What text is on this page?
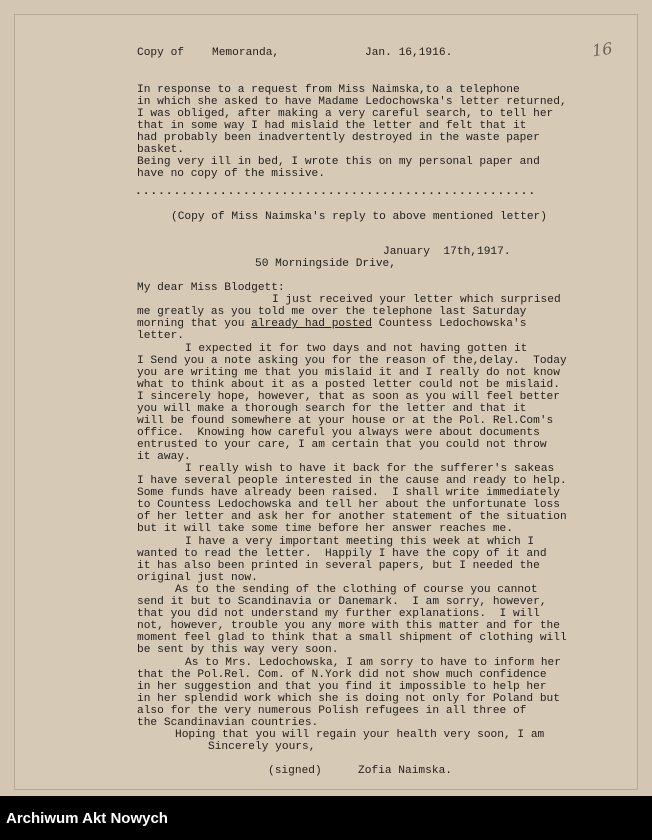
16
Copy of	Memoranda,	Jan. 16,1916.
In response to a request from Miss Naimska,to a telephone
in which she asked to have Madame Ledochowska's letter returned,
I was obliged, after making a very careful search, to tell her
that in some way I had mislaid the letter and felt that it
had probably been inadvertently destroyed in the waste paper
basket.
Being very ill in bed, I wrote this on my personal paper and
have no copy of the missive.
....................................................
(Copy of Miss Naimska's reply to above mentioned letter)
January  17th,1917.
50 Morningside Drive,
My dear Miss Blodgett:
I just received your letter which surprised
me greatly as you told me over the telephone last Saturday
morning that you already had posted Countess Ledochowska's
letter.
I expected it for two days and not having gotten it
I Send you a note asking you for the reason of the,delay.  Today
you are writing me that you mislaid it and I really do not know
what to think about it as a posted letter could not be mislaid.
I sincerely hope, however, that as soon as you will feel better
you will make a thorough search for the letter and that it
will be found somewhere at your house or at the Pol. Rel.Com's
office.  Knowing how careful you always were about documents
entrusted to your care, I am certain that you could not throw
it away.
I really wish to have it back for the sufferer's sakeas
I have several people interested in the cause and ready to help.
Some funds have already been raised.  I shall write immediately
to Countess Ledochowska and tell her about the unfortunate loss
of her letter and ask her for another statement of the situation
but it will take some time before her answer reaches me.
I have a very important meeting this week at which I
wanted to read the letter.  Happily I have the copy of it and
it has also been printed in several papers, but I needed the
original just now.
As to the sending of the clothing of course you cannot
send it but to Scandinavia or Danemark.  I am sorry, however,
that you did not understand my further explanations.  I will
not, however, trouble you any more with this matter and for the
moment feel glad to think that a small shipment of clothing will
be sent by this way very soon.
As to Mrs. Ledochowska, I am sorry to have to inform her
that the Pol.Rel. Com. of N.York did not show much confidence
in her suggestion and that you find it impossible to help her
in her splendid work which she is doing not only for Poland but
also for the very numerous Polish refugees in all three of
the Scandinavian countries.
Hoping that you will regain your health very soon, I am
Sincerely yours,
(signed)	Zofia Naimska.
Archiwum Akt Nowych
